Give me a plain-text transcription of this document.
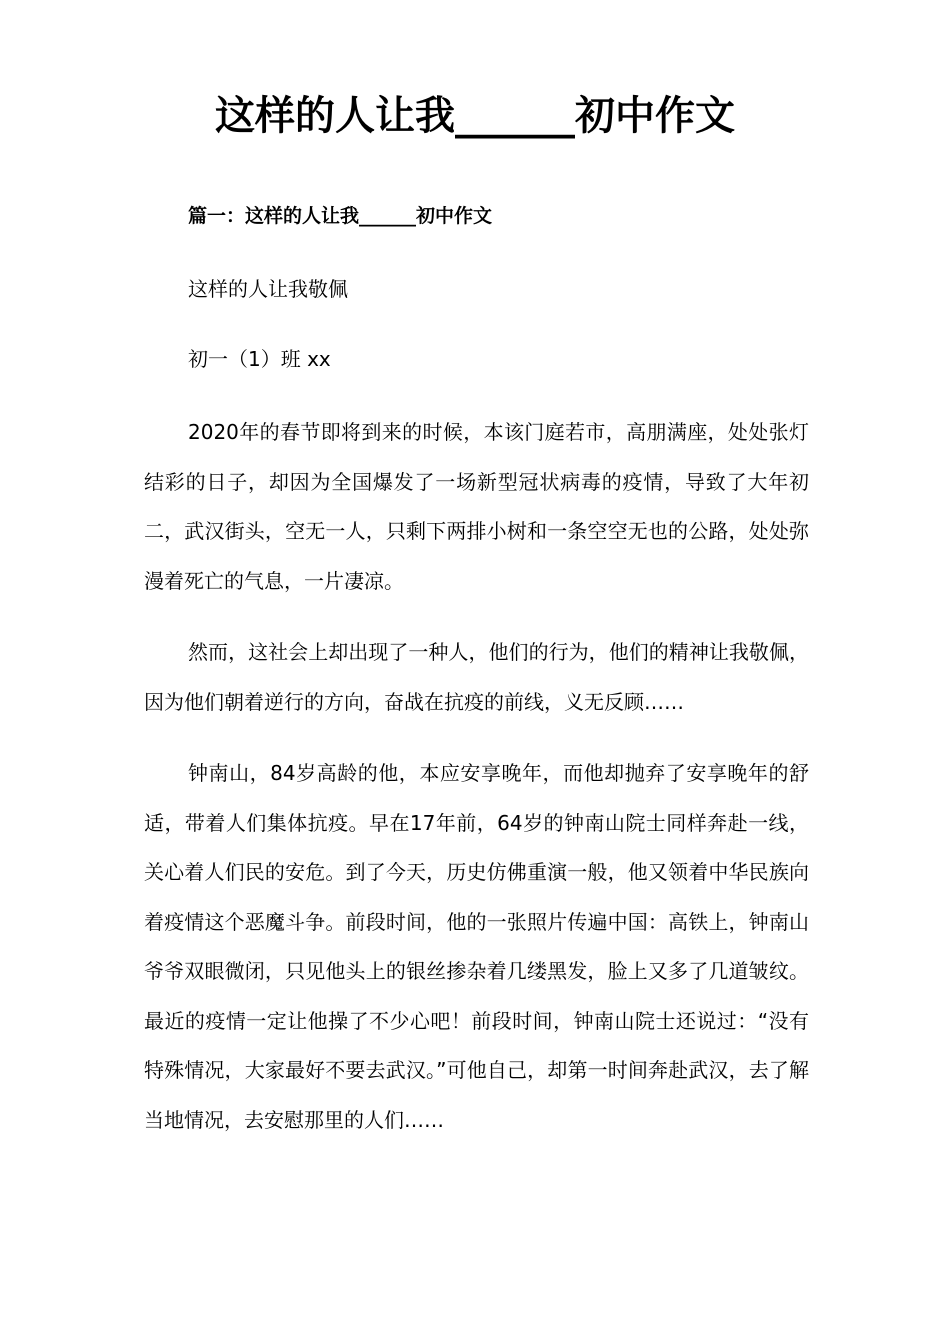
这样的人让我______初中作文
篇一：这样的人让我______初中作文
这样的人让我敬佩
初一（1）班 xx

2020年的春节即将到来的时候，本该门庭若市，高朋满座，处处张灯结彩的日子，却因为全国爆发了一场新型冠状病毒的疫情，导致了大年初二，武汉街头，空无一人，只剩下两排小树和一条空空无也的公路，处处弥漫着死亡的气息，一片凄凉。

然而，这社会上却出现了一种人，他们的行为，他们的精神让我敬佩，因为他们朝着逆行的方向，奋战在抗疫的前线，义无反顾……

钟南山，84岁高龄的他，本应安享晚年，而他却抛弃了安享晚年的舒适，带着人们集体抗疫。早在17年前，64岁的钟南山院士同样奔赴一线，关心着人们民的安危。到了今天，历史仿佛重演一般，他又领着中华民族向着疫情这个恶魔斗争。前段时间，他的一张照片传遍中国：高铁上，钟南山爷爷双眼微闭，只见他头上的银丝掺杂着几缕黑发，脸上又多了几道皱纹。最近的疫情一定让他操了不少心吧！前段时间，钟南山院士还说过：“没有特殊情况，大家最好不要去武汉。”可他自己，却第一时间奔赴武汉，去了解当地情况，去安慰那里的人们……
